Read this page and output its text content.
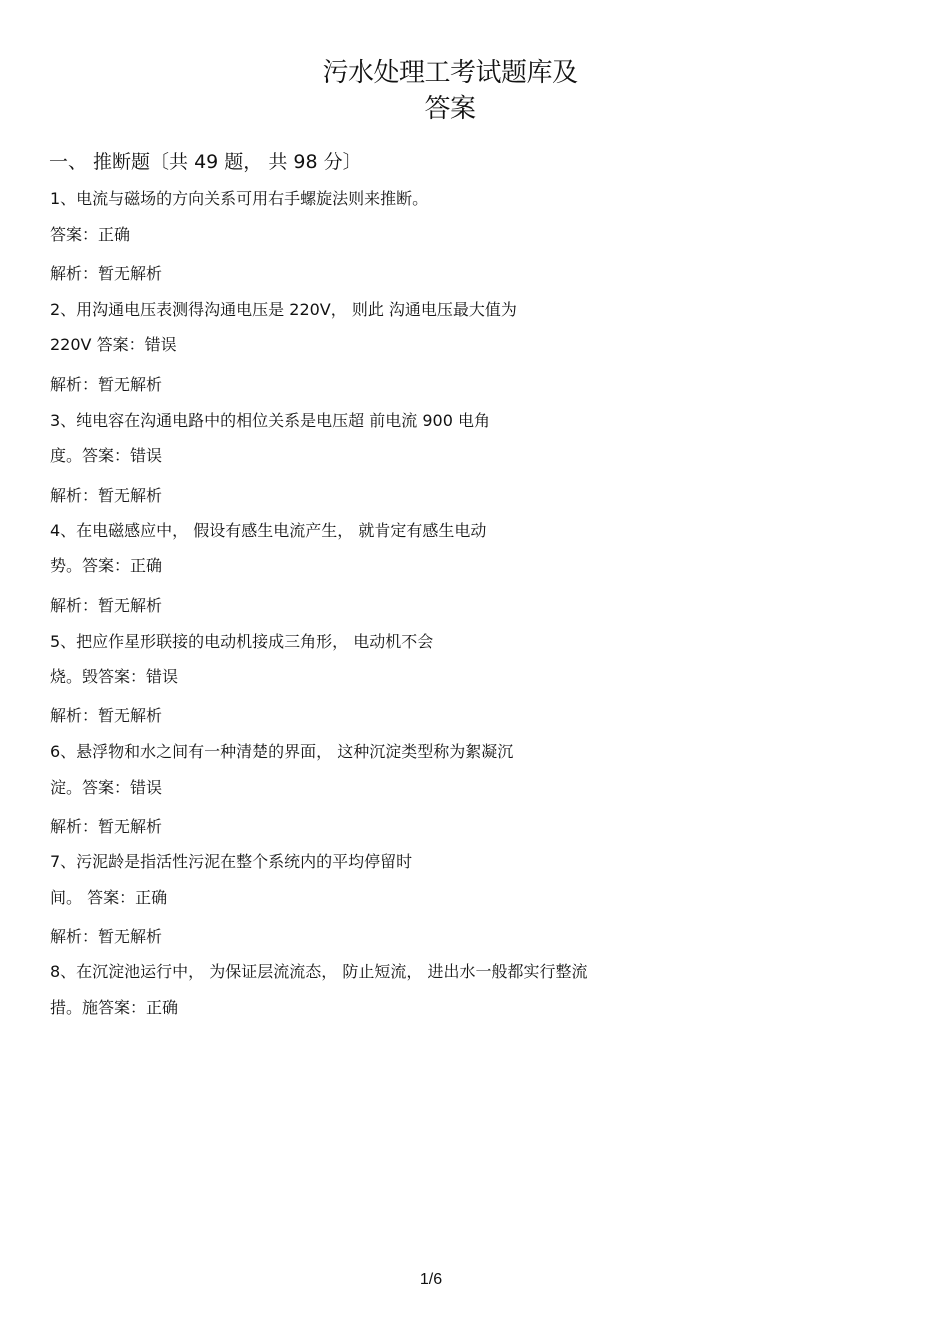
污水处理工考试题库及
答案
一、 推断题〔共 49 题， 共 98 分〕
1、电流与磁场的方向关系可用右手螺旋法则来推断。
答案：正确
解析：暂无解析
2、用沟通电压表测得沟通电压是 220V， 则此 沟通电压最大值为
220V 答案：错误
解析：暂无解析
3、纯电容在沟通电路中的相位关系是电压超 前电流 900 电角
度。答案：错误
解析：暂无解析
4、在电磁感应中， 假设有感生电流产生， 就肯定有感生电动
势。答案：正确
解析：暂无解析
5、把应作星形联接的电动机接成三角形， 电动机不会
烧。毁答案：错误
解析：暂无解析
6、悬浮物和水之间有一种清楚的界面， 这种沉淀类型称为絮凝沉
淀。答案：错误
解析：暂无解析
7、污泥龄是指活性污泥在整个系统内的平均停留时
间。 答案：正确
解析：暂无解析
8、在沉淀池运行中， 为保证层流流态， 防止短流， 进出水一般都实行整流
措。施答案：正确
1/6
